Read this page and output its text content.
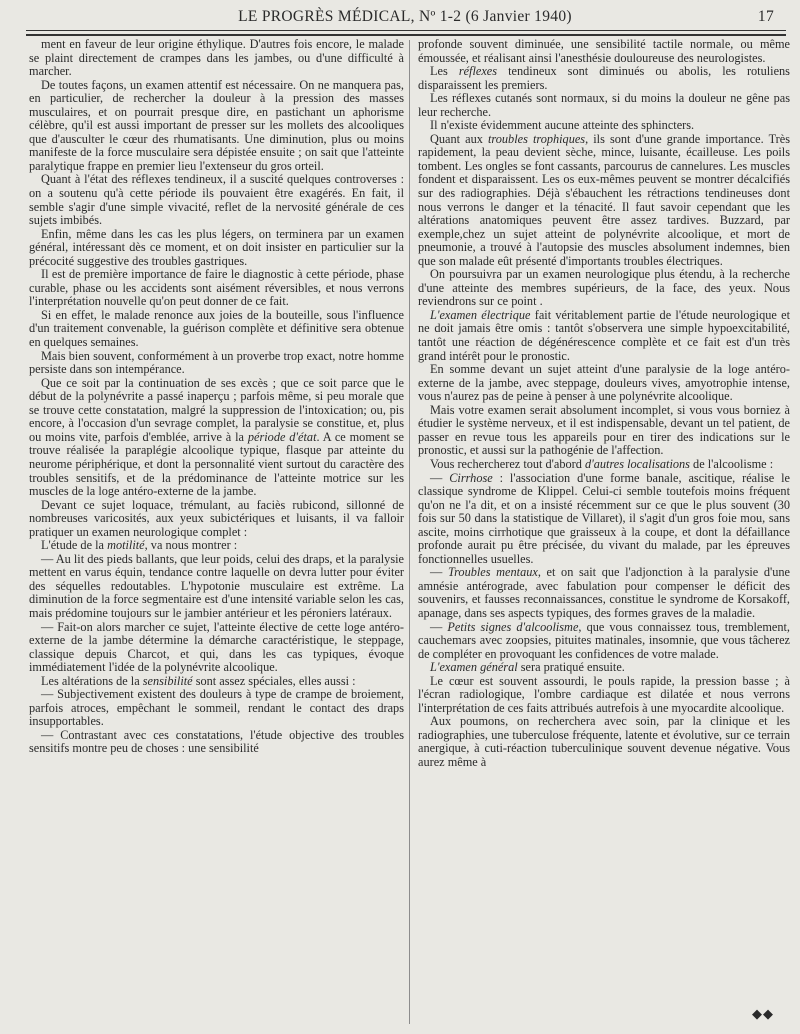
LE PROGRÈS MÉDICAL, Nº 1-2 (6 Janvier 1940)	17

ment en faveur de leur origine éthylique. D'autres fois encore, le malade se plaint directement de crampes dans les jambes, ou d'une difficulté à marcher.

De toutes façons, un examen attentif est nécessaire. On ne manquera pas, en particulier, de rechercher la douleur à la pression des masses musculaires, et on pourrait presque dire, en pastichant un aphorisme célèbre, qu'il est aussi important de presser sur les mollets des alcooliques que d'ausculter le cœur des rhumatisants. Une diminution, plus ou moins manifeste de la force musculaire sera dépistée ensuite ; on sait que l'atteinte paralytique frappe en premier lieu l'extenseur du gros orteil.

Quant à l'état des réflexes tendineux, il a suscité quelques controverses : on a soutenu qu'à cette période ils pouvaient être exagérés. En fait, il semble s'agir d'une simple vivacité, reflet de la nervosité générale de ces sujets imbibés.

Enfin, même dans les cas les plus légers, on terminera par un examen général, intéressant dès ce moment, et on doit insister en particulier sur la précocité suggestive des troubles gastriques.

Il est de première importance de faire le diagnostic à cette période, phase curable, phase ou les accidents sont aisément réversibles, et nous verrons l'interprétation nouvelle qu'on peut donner de ce fait.

Si en effet, le malade renonce aux joies de la bouteille, sous l'influence d'un traitement convenable, la guérison complète et définitive sera obtenue en quelques semaines.

Mais bien souvent, conformément à un proverbe trop exact, notre homme persiste dans son intempérance.

Que ce soit par la continuation de ses excès ; que ce soit parce que le début de la polynévrite a passé inaperçu ; parfois même, si peu morale que se trouve cette constatation, malgré la suppression de l'intoxication; ou, pis encore, à l'occasion d'un sevrage complet, la paralysie se constitue, et, plus ou moins vite, parfois d'emblée, arrive à la période d'état. A ce moment se trouve réalisée la paraplégie alcoolique typique, flasque par atteinte du neurome périphérique, et dont la personnalité vient surtout du caractère des troubles sensitifs, et de la prédominance de l'atteinte motrice sur les muscles de la loge antéro-externe de la jambe.

Devant ce sujet loquace, trémulant, au faciès rubicond, sillonné de nombreuses varicosités, aux yeux subictériques et luisants, il va falloir pratiquer un examen neurologique complet :

L'étude de la motilité, va nous montrer :

— Au lit des pieds ballants, que leur poids, celui des draps, et la paralysie mettent en varus équin, tendance contre laquelle on devra lutter pour éviter des séquelles redoutables. L'hypotonie musculaire est extrême. La diminution de la force segmentaire est d'une intensité variable selon les cas, mais prédomine toujours sur le jambier antérieur et les péroniers latéraux.

— Fait-on alors marcher ce sujet, l'atteinte élective de cette loge antéro-externe de la jambe détermine la démarche caractéristique, le steppage, classique depuis Charcot, et qui, dans les cas typiques, évoque immédiatement l'idée de la polynévrite alcoolique.

Les altérations de la sensibilité sont assez spéciales, elles aussi :

— Subjectivement existent des douleurs à type de crampe de broiement, parfois atroces, empêchant le sommeil, rendant le contact des draps insupportables.

— Contrastant avec ces constatations, l'étude objective des troubles sensitifs montre peu de choses : une sensibilité

profonde souvent diminuée, une sensibilité tactile normale, ou même émoussée, et réalisant ainsi l'anesthésie douloureuse des neurologistes.

Les réflexes tendineux sont diminués ou abolis, les rotuliens disparaissent les premiers.

Les réflexes cutanés sont normaux, si du moins la douleur ne gêne pas leur recherche.

Il n'existe évidemment aucune atteinte des sphincters.

Quant aux troubles trophiques, ils sont d'une grande importance. Très rapidement, la peau devient sèche, mince, luisante, écailleuse. Les poils tombent. Les ongles se font cassants, parcourus de cannelures. Les muscles fondent et disparaissent. Les os eux-mêmes peuvent se montrer décalcifiés sur des radiographies. Déjà s'ébauchent les rétractions tendineuses dont nous verrons le danger et la ténacité. Il faut savoir cependant que les altérations anatomiques peuvent être assez tardives. Buzzard, par exemple,chez un sujet atteint de polynévrite alcoolique, et mort de pneumonie, a trouvé à l'autopsie des muscles absolument indemnes, bien que son malade eût présenté d'importants troubles électriques.

On poursuivra par un examen neurologique plus étendu, à la recherche d'une atteinte des membres supérieurs, de la face, des yeux. Nous reviendrons sur ce point .

L'examen électrique fait véritablement partie de l'étude neurologique et ne doit jamais être omis : tantôt s'observera une simple hypoexcitabilité, tantôt une réaction de dégénérescence complète et ce fait est d'un très grand intérêt pour le pronostic.

En somme devant un sujet atteint d'une paralysie de la loge antéro-externe de la jambe, avec steppage, douleurs vives, amyotrophie intense, vous n'aurez pas de peine à penser à une polynévrite alcoolique.

Mais votre examen serait absolument incomplet, si vous vous borniez à étudier le système nerveux, et il est indispensable, devant un tel patient, de passer en revue tous les appareils pour en tirer des indications sur le pronostic, et aussi sur la pathogénie de l'affection.

Vous rechercherez tout d'abord d'autres localisations de l'alcoolisme :

— Cirrhose : l'association d'une forme banale, ascitique, réalise le classique syndrome de Klippel. Celui-ci semble toutefois moins fréquent qu'on ne l'a dit, et on a insisté récemment sur ce que le plus souvent (30 fois sur 50 dans la statistique de Villaret), il s'agit d'un gros foie mou, sans ascite, moins cirrhotique que graisseux à la coupe, et dont la défaillance profonde aurait pu être précisée, du vivant du malade, par les épreuves fonctionnelles usuelles.

— Troubles mentaux, et on sait que l'adjonction à la paralysie d'une amnésie antérograde, avec fabulation pour compenser le déficit des souvenirs, et fausses reconnaissances, constitue le syndrome de Korsakoff, apanage, dans ses aspects typiques, des formes graves de la maladie.

— Petits signes d'alcoolisme, que vous connaissez tous, tremblement, cauchemars avec zoopsies, pituites matinales, insomnie, que vous tâcherez de compléter en provoquant les confidences de votre malade.

L'examen général sera pratiqué ensuite.

Le cœur est souvent assourdi, le pouls rapide, la pression basse ; à l'écran radiologique, l'ombre cardiaque est dilatée et nous verrons l'interprétation de ces faits attribués autrefois à une myocardite alcoolique.

Aux poumons, on recherchera avec soin, par la clinique et les radiographies, une tuberculose fréquente, latente et évolutive, sur ce terrain anergique, à cuti-réaction tuberculinique souvent devenue négative. Vous aurez même à

◆◆
